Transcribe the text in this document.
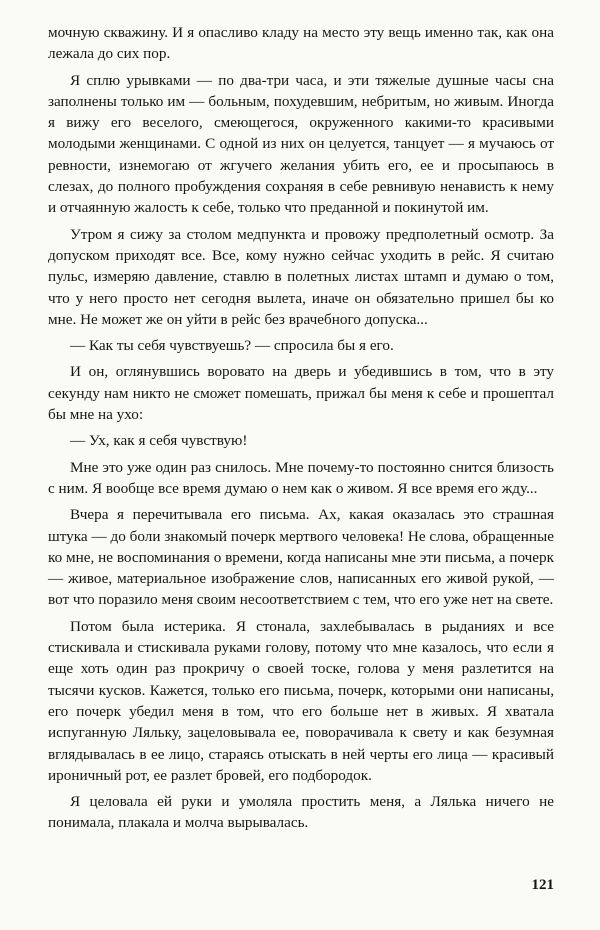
мочную скважину. И я опасливо кладу на место эту вещь именно так, как она лежала до сих пор.

Я сплю урывками — по два-три часа, и эти тяжелые душные часы сна заполнены только им — больным, похудевшим, небритым, но живым. Иногда я вижу его веселого, смеющегося, окруженного какими-то красивыми молодыми женщинами. С одной из них он целуется, танцует — я мучаюсь от ревности, изнемогаю от жгучего желания убить его, ее и просыпаюсь в слезах, до полного пробуждения сохраняя в себе ревнивую ненависть к нему и отчаянную жалость к себе, только что преданной и покинутой им.

Утром я сижу за столом медпункта и провожу предполетный осмотр. За допуском приходят все. Все, кому нужно сейчас уходить в рейс. Я считаю пульс, измеряю давление, ставлю в полетных листах штамп и думаю о том, что у него просто нет сегодня вылета, иначе он обязательно пришел бы ко мне. Не может же он уйти в рейс без врачебного допуска...

— Как ты себя чувствуешь? — спросила бы я его.

И он, оглянувшись воровато на дверь и убедившись в том, что в эту секунду нам никто не сможет помешать, прижал бы меня к себе и прошептал бы мне на ухо:

— Ух, как я себя чувствую!

Мне это уже один раз снилось. Мне почему-то постоянно снится близость с ним. Я вообще все время думаю о нем как о живом. Я все время его жду...

Вчера я перечитывала его письма. Ах, какая оказалась это страшная штука — до боли знакомый почерк мертвого человека! Не слова, обращенные ко мне, не воспоминания о времени, когда написаны мне эти письма, а почерк — живое, материальное изображение слов, написанных его живой рукой, — вот что поразило меня своим несоответствием с тем, что его уже нет на свете.

Потом была истерика. Я стонала, захлебывалась в рыданиях и все стискивала и стискивала руками голову, потому что мне казалось, что если я еще хоть один раз прокричу о своей тоске, голова у меня разлетится на тысячи кусков. Кажется, только его письма, почерк, которыми они написаны, его почерк убедил меня в том, что его больше нет в живых. Я хватала испуганную Ляльку, зацеловывала ее, поворачивала к свету и как безумная вглядывалась в ее лицо, стараясь отыскать в ней черты его лица — красивый ироничный рот, ее разлет бровей, его подбородок.

Я целовала ей руки и умоляла простить меня, а Лялька ничего не понимала, плакала и молча вырывалась.

121
